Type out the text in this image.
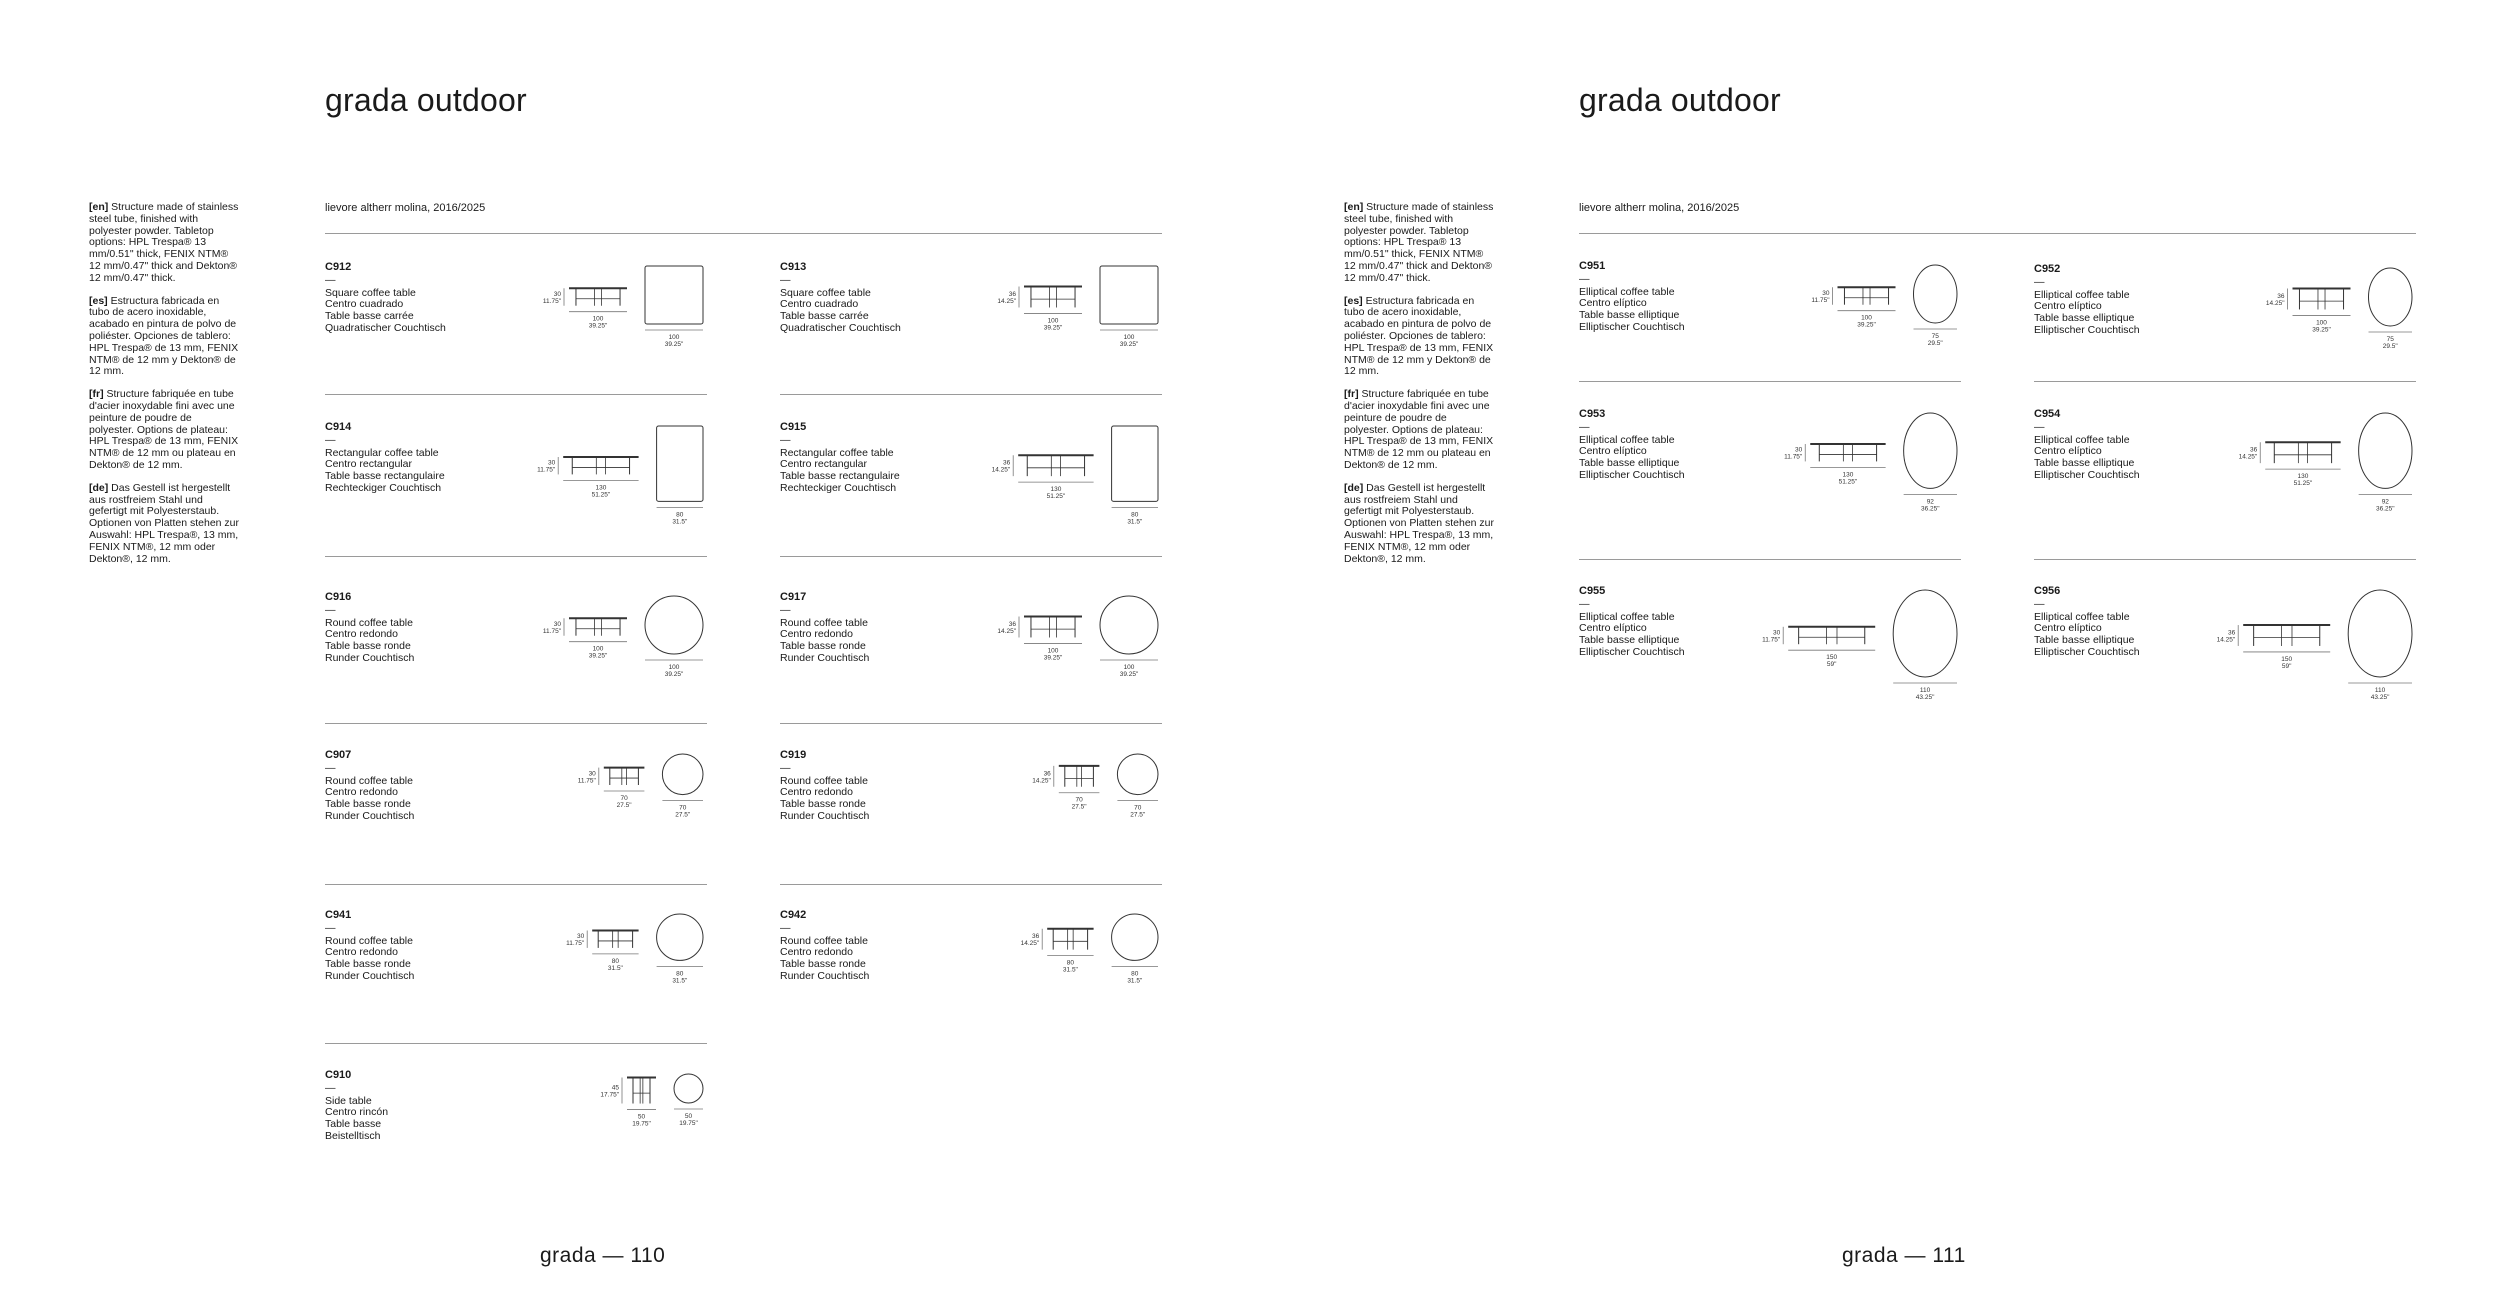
grada outdoor

[en] Structure made of stainless steel tube, finished with polyester powder. Tabletop options: HPL Trespa® 13 mm/0.51" thick, FENIX NTM® 12 mm/0.47" thick and Dekton® 12 mm/0.47" thick.

[es] Estructura fabricada en tubo de acero inoxidable, acabado en pintura de polvo de poliéster. Opciones de tablero: HPL Trespa® de 13 mm, FENIX NTM® de 12 mm y Dekton® de 12 mm.

[fr] Structure fabriquée en tube d'acier inoxydable fini avec une peinture de poudre de polyester. Options de plateau: HPL Trespa® de 13 mm, FENIX NTM® de 12 mm ou plateau en Dekton® de 12 mm.

[de] Das Gestell ist hergestellt aus rostfreiem Stahl und gefertigt mit Polyesterstaub. Optionen von Platten stehen zur Auswahl: HPL Trespa®, 13 mm, FENIX NTM®, 12 mm oder Dekton®, 12 mm.

lievore altherr molina, 2016/2025
C912
—
Square coffee table
Centro cuadrado
Table basse carrée
Quadratischer Couchtisch
100
39.25"
30
11.75"
100
39.25"
C913
—
Square coffee table
Centro cuadrado
Table basse carrée
Quadratischer Couchtisch
100
39.25"
36
14.25"
100
39.25"
C914
—
Rectangular coffee table
Centro rectangular
Table basse rectangulaire
Rechteckiger Couchtisch
80
31.5"
30
11.75"
130
51.25"
C915
—
Rectangular coffee table
Centro rectangular
Table basse rectangulaire
Rechteckiger Couchtisch
80
31.5"
36
14.25"
130
51.25"
C916
—
Round coffee table
Centro redondo
Table basse ronde
Runder Couchtisch
100
39.25"
30
11.75"
100
39.25"
C917
—
Round coffee table
Centro redondo
Table basse ronde
Runder Couchtisch
100
39.25"
36
14.25"
100
39.25"
C907
—
Round coffee table
Centro redondo
Table basse ronde
Runder Couchtisch
70
27.5"
30
11.75"
70
27.5"
C919
—
Round coffee table
Centro redondo
Table basse ronde
Runder Couchtisch
70
27.5"
36
14.25"
70
27.5"
C941
—
Round coffee table
Centro redondo
Table basse ronde
Runder Couchtisch	80
31.5"
30
11.75"
80
31.5"
C942
—
Round coffee table
Centro redondo
Table basse ronde
Runder Couchtisch	80
31.5"
36
14.25"
80
31.5"
C910
—
Side table
Centro rincón
Table basse
Beistelltisch
50
19.75"
45
17.75"
50
19.75"
grada — 110
grada outdoor

[en] Structure made of stainless steel tube, finished with polyester powder. Tabletop options: HPL Trespa® 13 mm/0.51" thick, FENIX NTM® 12 mm/0.47" thick and Dekton® 12 mm/0.47" thick.

[es] Estructura fabricada en tubo de acero inoxidable, acabado en pintura de polvo de poliéster. Opciones de tablero: HPL Trespa® de 13 mm, FENIX NTM® de 12 mm y Dekton® de 12 mm.

[fr] Structure fabriquée en tube d'acier inoxydable fini avec une peinture de poudre de polyester. Options de plateau: HPL Trespa® de 13 mm, FENIX NTM® de 12 mm ou plateau en Dekton® de 12 mm.

[de] Das Gestell ist hergestellt aus rostfreiem Stahl und gefertigt mit Polyesterstaub. Optionen von Platten stehen zur Auswahl: HPL Trespa®, 13 mm, FENIX NTM®, 12 mm oder Dekton®, 12 mm.

lievore altherr molina, 2016/2025
C951
—
Elliptical coffee table
Centro elíptico
Table basse elliptique
Elliptischer Couchtisch
75
29.5"
30
11.75"
100
39.25"
C952
—
Elliptical coffee table
Centro elíptico
Table basse elliptique
Elliptischer Couchtisch
75
29.5"
36
14.25"
100
39.25"
C953
—
Elliptical coffee table
Centro elíptico
Table basse elliptique
Elliptischer Couchtisch
92
36.25"
30
11.75"
130
51.25"
C954
—
Elliptical coffee table
Centro elíptico
Table basse elliptique
Elliptischer Couchtisch
92
36.25"
36
14.25"
130
51.25"
C955
—
Elliptical coffee table
Centro elíptico
Table basse elliptique
Elliptischer Couchtisch
110
43.25"
30
11.75"
150
59"
C956
—
Elliptical coffee table
Centro elíptico
Table basse elliptique
Elliptischer Couchtisch
110
43.25"
36
14.25"
150
59"
grada — 111
